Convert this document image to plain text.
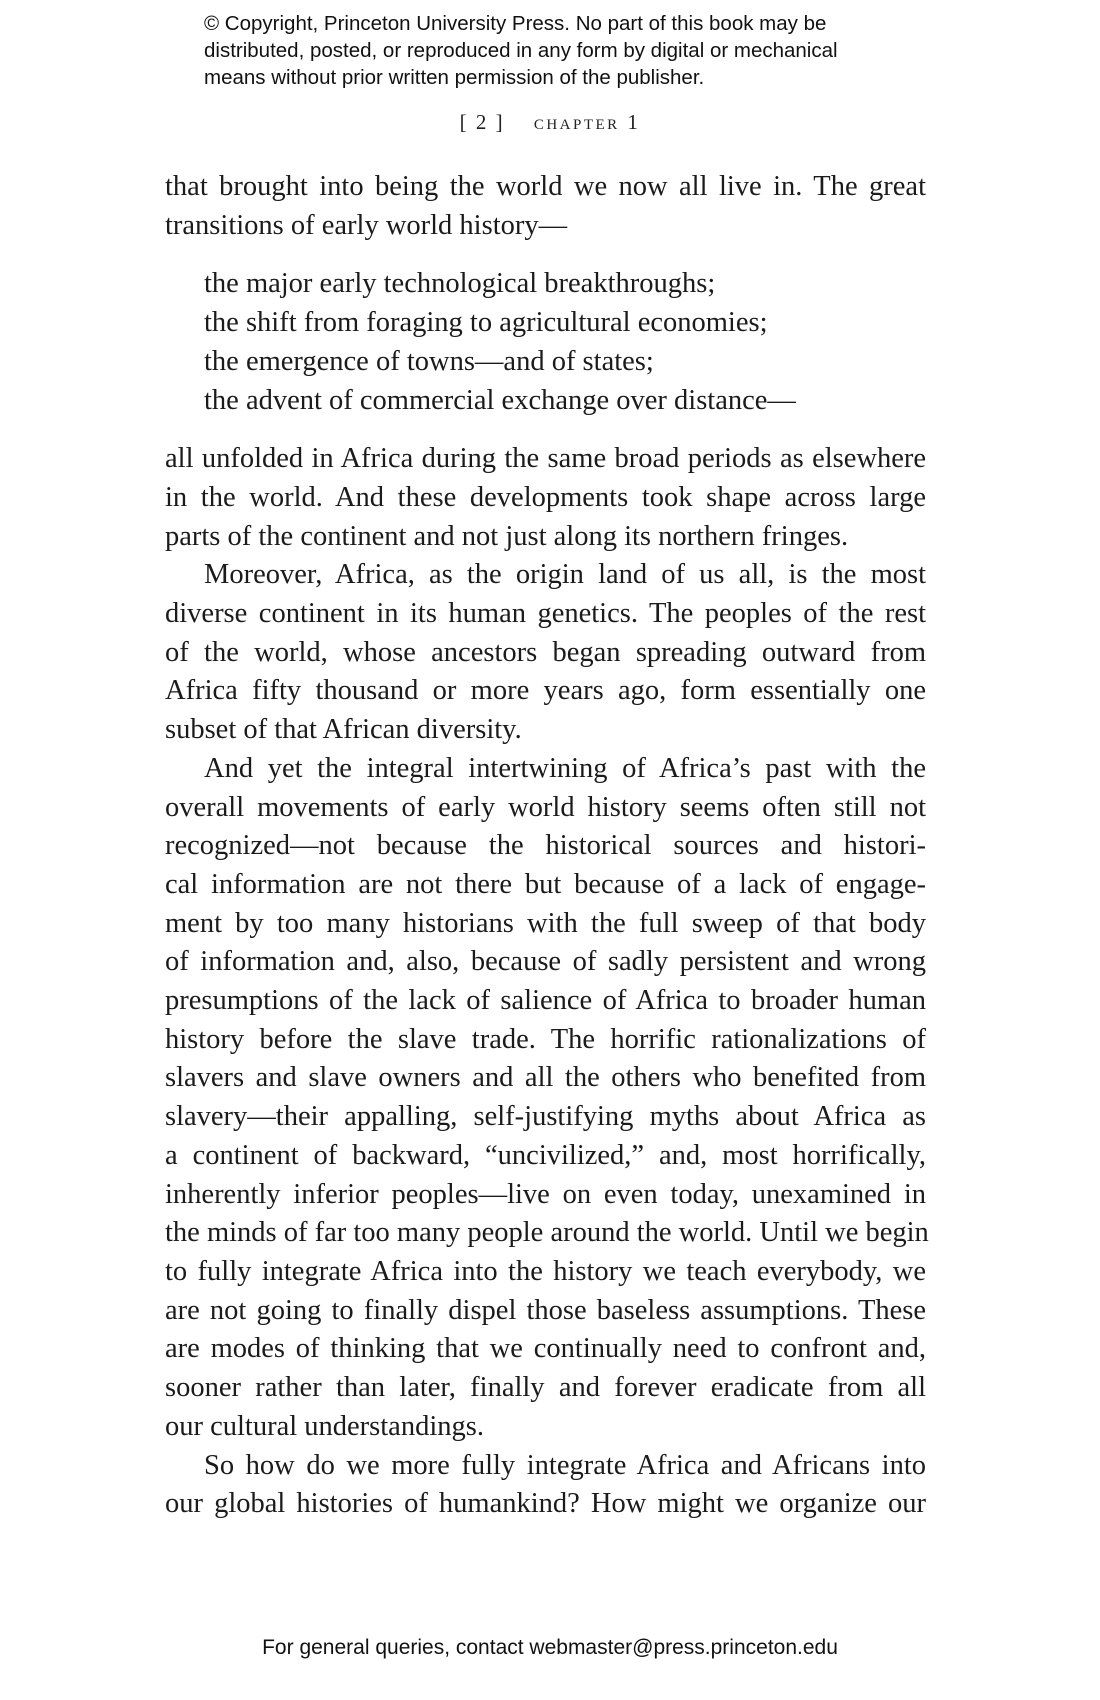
© Copyright, Princeton University Press. No part of this book may be
distributed, posted, or reproduced in any form by digital or mechanical
means without prior written permission of the publisher.
[ 2 ] chapter 1
that brought into being the world we now all live in. The great
transitions of early world history—
the major early technological breakthroughs;
the shift from foraging to agricultural economies;
the emergence of towns—and of states;
the advent of commercial exchange over distance—
all unfolded in Africa during the same broad periods as elsewhere
in the world. And these developments took shape across large
parts of the continent and not just along its northern fringes.
Moreover, Africa, as the origin land of us all, is the most
diverse continent in its human genetics. The peoples of the rest
of the world, whose ancestors began spreading outward from
Africa fifty thousand or more years ago, form essentially one
subset of that African diversity.
And yet the integral intertwining of Africa’s past with the
overall movements of early world history seems often still not
recognized—not because the historical sources and histori-
cal information are not there but because of a lack of engage-
ment by too many historians with the full sweep of that body
of information and, also, because of sadly persistent and wrong
presumptions of the lack of salience of Africa to broader human
history before the slave trade. The horrific rationalizations of
slavers and slave owners and all the others who benefited from
slavery—their appalling, self-justifying myths about Africa as
a continent of backward, “uncivilized,” and, most horrifically,
inherently inferior peoples—live on even today, unexamined in
the minds of far too many people around the world. Until we begin
to fully integrate Africa into the history we teach everybody, we
are not going to finally dispel those baseless assumptions. These
are modes of thinking that we continually need to confront and,
sooner rather than later, finally and forever eradicate from all
our cultural understandings.
So how do we more fully integrate Africa and Africans into
our global histories of humankind? How might we organize our
For general queries, contact webmaster@press.princeton.edu
